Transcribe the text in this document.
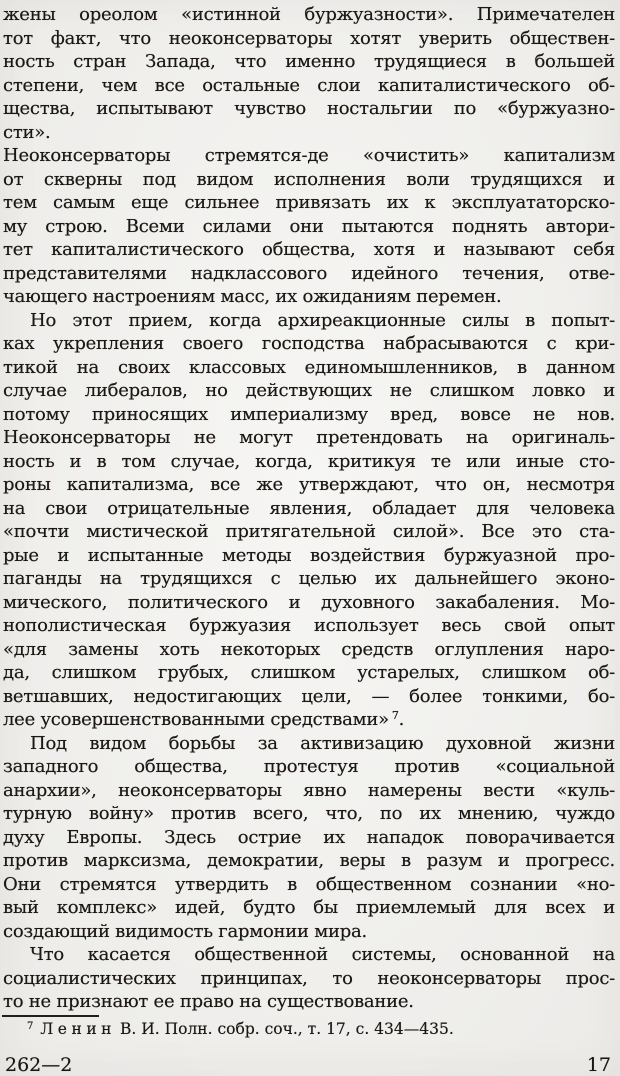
жены ореолом «истинной буржуазности». Примечателен
тот факт, что неоконсерваторы хотят уверить обществен-
ность стран Запада, что именно трудящиеся в большей
степени, чем все остальные слои капиталистического об-
щества, испытывают чувство ностальгии по «буржуазно-
сти».
Неоконсерваторы стремятся-де «очистить» капитализм
от скверны под видом исполнения воли трудящихся и
тем самым еще сильнее привязать их к эксплуататорско-
му строю. Всеми силами они пытаются поднять автори-
тет капиталистического общества, хотя и называют себя
представителями надклассового идейного течения, отве-
чающего настроениям масс, их ожиданиям перемен.
Но этот прием, когда архиреакционные силы в попыт-
ках укрепления своего господства набрасываются с кри-
тикой на своих классовых единомышленников, в данном
случае либералов, но действующих не слишком ловко и
потому приносящих империализму вред, вовсе не нов.
Неоконсерваторы не могут претендовать на оригиналь-
ность и в том случае, когда, критикуя те или иные сто-
роны капитализма, все же утверждают, что он, несмотря
на свои отрицательные явления, обладает для человека
«почти мистической притягательной силой». Все это ста-
рые и испытанные методы воздействия буржуазной про-
паганды на трудящихся с целью их дальнейшего эконо-
мического, политического и духовного закабаления. Мо-
нополистическая буржуазия использует весь свой опыт
«для замены хоть некоторых средств оглупления наро-
да, слишком грубых, слишком устарелых, слишком об-
ветшавших, недостигающих цели, — более тонкими, бо-
лее усовершенствованными средствами» $^7$.
Под видом борьбы за активизацию духовной жизни
западного общества, протестуя против «социальной
анархии», неоконсерваторы явно намерены вести «куль-
турную войну» против всего, что, по их мнению, чуждо
духу Европы. Здесь острие их нападок поворачивается
против марксизма, демократии, веры в разум и прогресс.
Они стремятся утвердить в общественном сознании «но-
вый комплекс» идей, будто бы приемлемый для всех и
создающий видимость гармонии мира.
Что касается общественной системы, основанной на
социалистических принципах, то неоконсерваторы прос-
то не признают ее право на существование.
$^7$ Ленин В. И. Полн. собр. соч., т. 17, с. 434—435.
262—2	17
